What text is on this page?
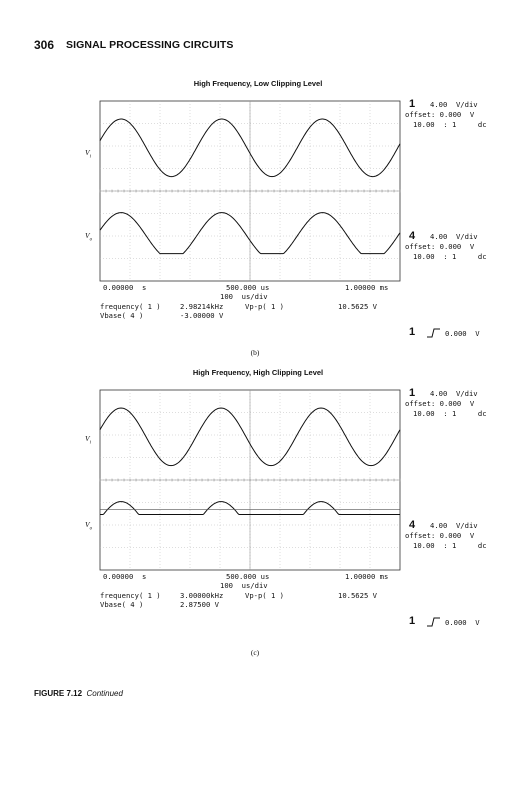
306 SIGNAL PROCESSING CIRCUITS
High Frequency, Low Clipping Level
$V_i$
$V_o$
1 4.00  V/div
offset: 0.000  V
10.00  : 1     dc
4 4.00  V/div
offset: 0.000  V
10.00  : 1     dc
0.00000  s	500.000 us	1.00000 ms
100  us/div
frequency( 1 )	2.98214kHz	Vp-p( 1 )	10.5625 V
Vbase( 4 )	-3.00000 V
1	0.000  V
(b)
High Frequency, High Clipping Level
$V_i$
$V_o$
1 4.00  V/div
offset: 0.000  V
10.00  : 1     dc
4 4.00  V/div
offset: 0.000  V
10.00  : 1     dc
0.00000  s	500.000 us	1.00000 ms
100  us/div
frequency( 1 )	3.00000kHz	Vp-p( 1 )	10.5625 V
Vbase( 4 )	2.87500 V
1	0.000  V
(c)
FIGURE 7.12 Continued
